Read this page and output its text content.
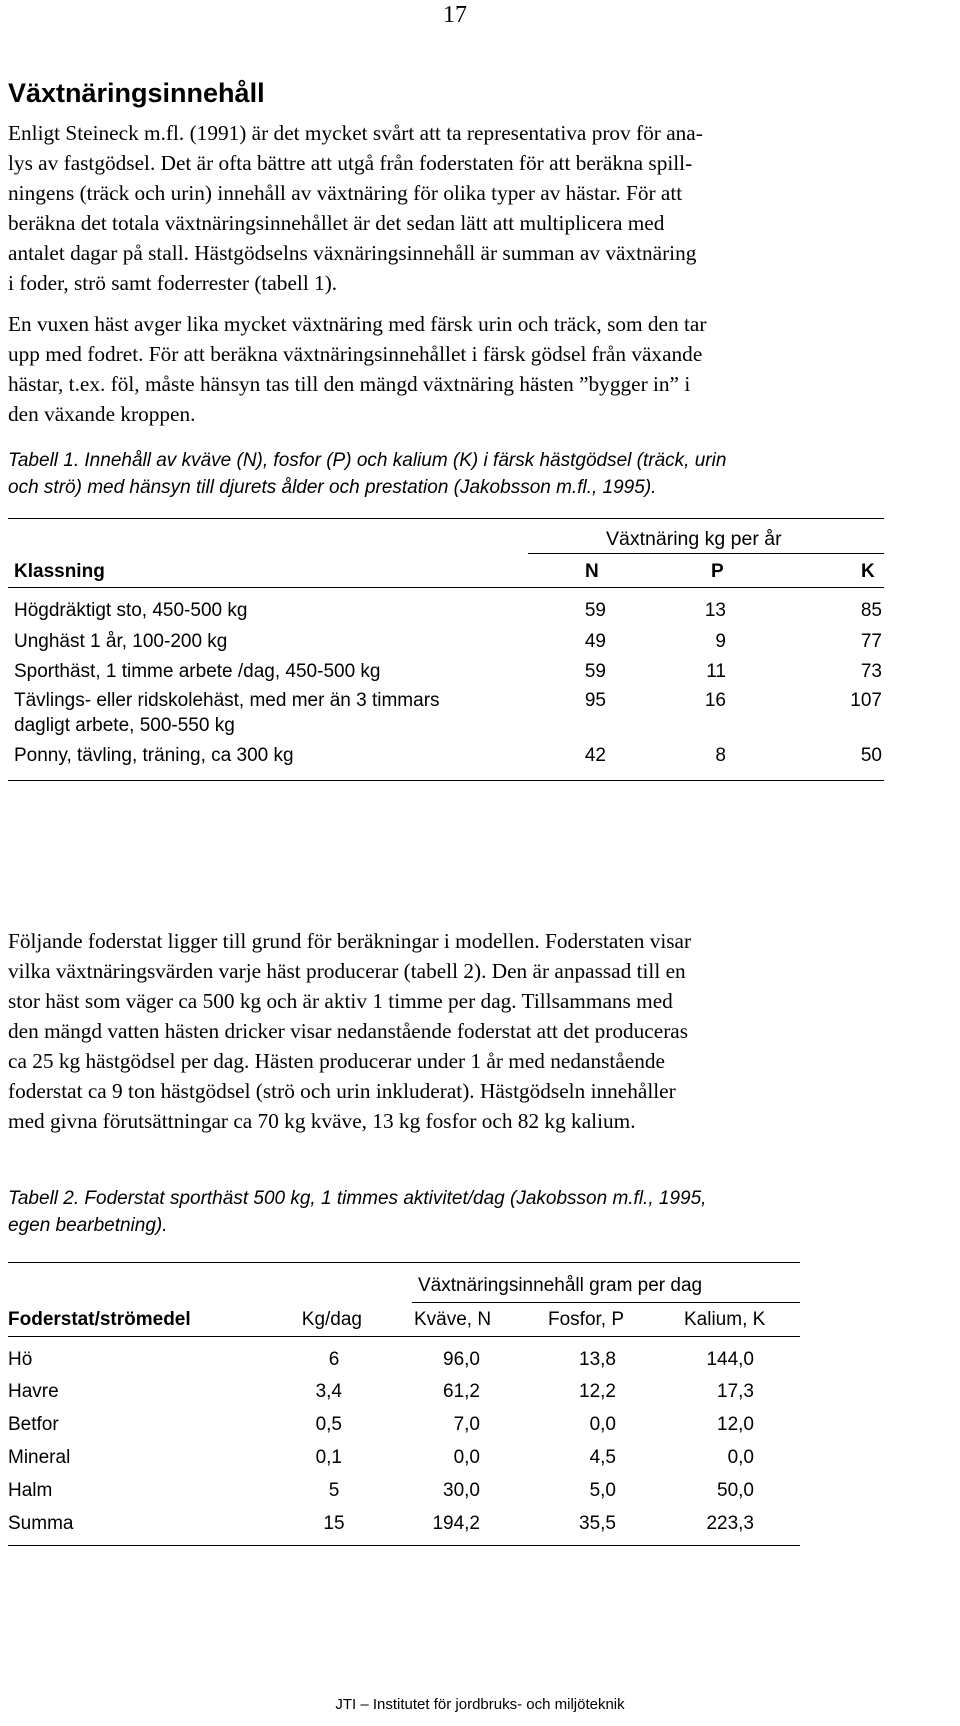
17
Växtnäringsinnehåll
Enligt Steineck m.fl. (1991) är det mycket svårt att ta representativa prov för ana-
lys av fastgödsel. Det är ofta bättre att utgå från foderstaten för att beräkna spill-
ningens (träck och urin) innehåll av växtnäring för olika typer av hästar. För att
beräkna det totala växtnäringsinnehållet är det sedan lätt att multiplicera med
antalet dagar på stall. Hästgödselns växnäringsinnehåll är summan av växtnäring
i foder, strö samt foderrester (tabell 1).
En vuxen häst avger lika mycket växtnäring med färsk urin och träck, som den tar
upp med fodret. För att beräkna växtnäringsinnehållet i färsk gödsel från växande
hästar, t.ex. föl, måste hänsyn tas till den mängd växtnäring hästen ”bygger in” i
den växande kroppen.
Tabell 1. Innehåll av kväve (N), fosfor (P) och kalium (K) i färsk hästgödsel (träck, urin
och strö) med hänsyn till djurets ålder och prestation (Jakobsson m.fl., 1995).
Växtnäring kg per år
Klassning	N	P	K
Högdräktigt sto, 450-500 kg	59	13	85
Unghäst 1 år, 100-200 kg	49	9	77
Sporthäst, 1 timme arbete /dag, 450-500 kg	59	11	73
Tävlings- eller ridskolehäst, med mer än 3 timmars
dagligt arbete, 500-550 kg
95	16	107
Ponny, tävling, träning, ca 300 kg	42	8	50
Följande foderstat ligger till grund för beräkningar i modellen. Foderstaten visar
vilka växtnäringsvärden varje häst producerar (tabell 2). Den är anpassad till en
stor häst som väger ca 500 kg och är aktiv 1 timme per dag. Tillsammans med
den mängd vatten hästen dricker visar nedanstående foderstat att det produceras
ca 25 kg hästgödsel per dag. Hästen producerar under 1 år med nedanstående
foderstat ca 9 ton hästgödsel (strö och urin inkluderat). Hästgödseln innehåller
med givna förutsättningar ca 70 kg kväve, 13 kg fosfor och 82 kg kalium.
Tabell 2. Foderstat sporthäst 500 kg, 1 timmes aktivitet/dag (Jakobsson m.fl., 1995,
egen bearbetning).
Växtnäringsinnehåll gram per dag
Foderstat/strömedel	Kg/dag	Kväve, N	Fosfor, P	Kalium, K
Hö	6	96,0	13,8	144,0
Havre	3,4	61,2	12,2	17,3
Betfor	0,5	7,0	0,0	12,0
Mineral	0,1	0,0	4,5	0,0
Halm	5	30,0	5,0	50,0
Summa	15	194,2	35,5	223,3
JTI – Institutet för jordbruks- och miljöteknik
